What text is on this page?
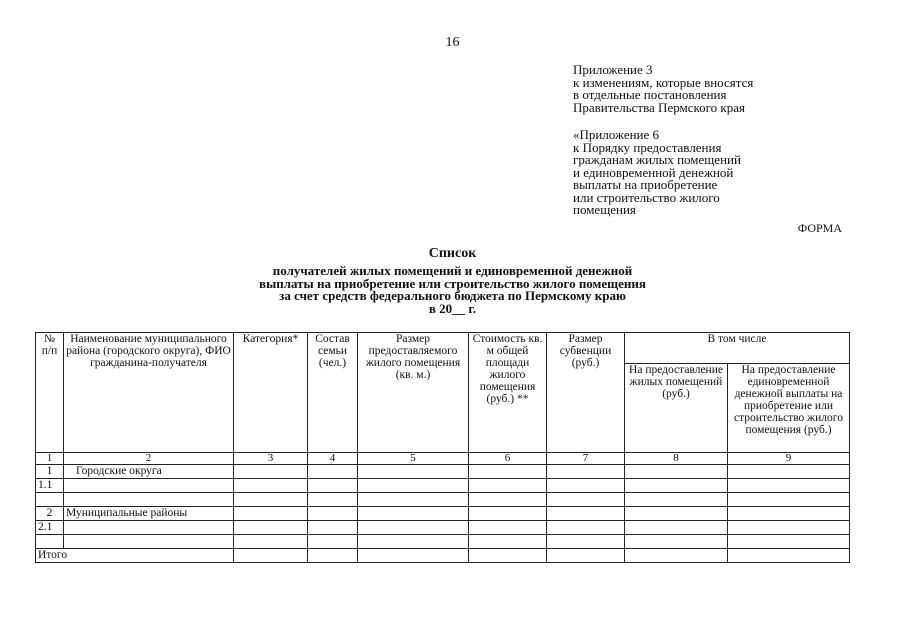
16
Приложение 3
к изменениям, которые вносятся
в отдельные постановления
Правительства Пермского края
«Приложение 6
к Порядку предоставления
гражданам жилых помещений
и единовременной денежной
выплаты на приобретение
или строительство жилого
помещения
ФОРМА
Список
получателей жилых помещений и единовременной денежной
выплаты на приобретение или строительство жилого помещения
за счет средств федерального бюджета по Пермскому краю
в 20__ г.
№ п/п	Наименование муниципального района (городского округа), ФИО гражданина-получателя	Категория*	Состав семьи (чел.)	Размер предоставляемого жилого помещения (кв. м.)	Стоимость кв. м общей площади жилого помещения (руб.) **	Размер субвенции (руб.)	В том числе	
							На предоставление жилых помещений (руб.)	На предоставление единовременной денежной выплаты на приобретение или строительство жилого помещения (руб.)
1	2	3	4	5	6	7	8	9
1	Городские округа							
1.1								

2	Муниципальные районы							
2.1								

Итого								
